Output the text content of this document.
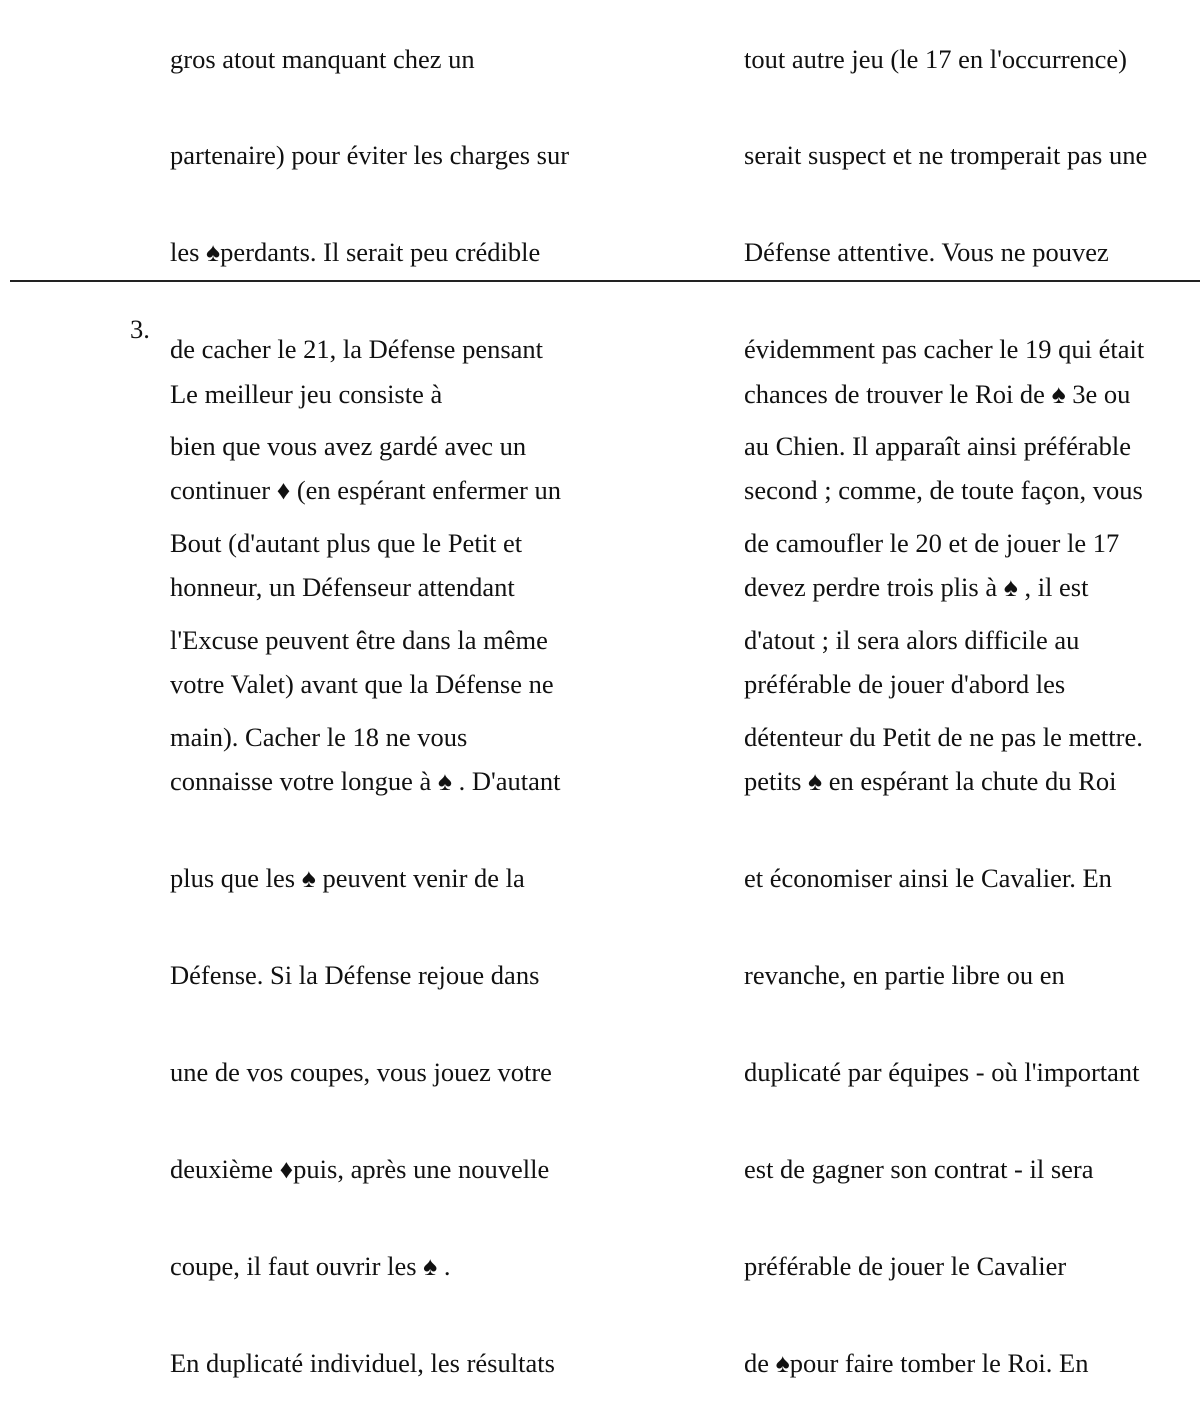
gros atout manquant chez un

partenaire) pour éviter les charges sur

les ♠perdants. Il serait peu crédible

de cacher le 21, la Défense pensant

bien que vous avez gardé avec un

Bout (d'autant plus que le Petit et

l'Excuse peuvent être dans la même

main). Cacher le 18 ne vous

tout autre jeu (le 17 en l'occurrence)

serait suspect et ne tromperait pas une

Défense attentive. Vous ne pouvez

évidemment pas cacher le 19 qui était

au Chien. Il apparaît ainsi préférable

de camoufler le 20 et de jouer le 17

d'atout ; il sera alors difficile au

détenteur du Petit de ne pas le mettre.

3.

Le meilleur jeu consiste à

continuer ♦ (en espérant enfermer un

honneur, un Défenseur attendant

votre Valet) avant que la Défense ne

connaisse votre longue à ♠ . D'autant

plus que les ♠ peuvent venir de la

Défense. Si la Défense rejoue dans

une de vos coupes, vous jouez votre

deuxième ♦puis, après une nouvelle

coupe, il faut ouvrir les ♠ .

En duplicaté individuel, les résultats

chances de trouver le Roi de ♠ 3e ou

second ; comme, de toute façon, vous

devez perdre trois plis à ♠ , il est

préférable de jouer d'abord les

petits ♠ en espérant la chute du Roi

et économiser ainsi le Cavalier. En

revanche, en partie libre ou en

duplicaté par équipes - où l'important

est de gagner son contrat - il sera

préférable de jouer le Cavalier

de ♠pour faire tomber le Roi. En
